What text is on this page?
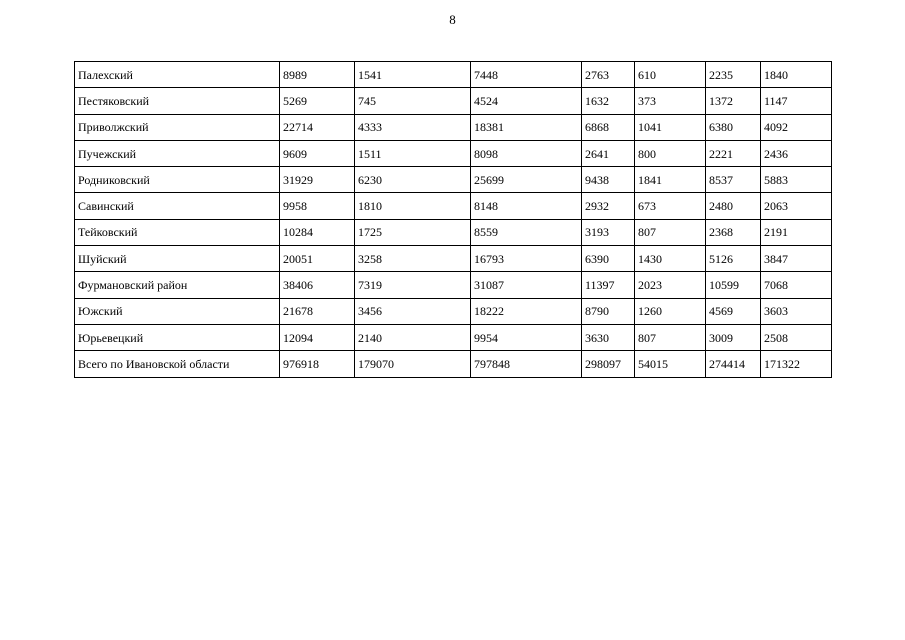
8
Палехский	8989	1541	7448	2763	610	2235	1840
Пестяковский	5269	745	4524	1632	373	1372	1147
Приволжский	22714	4333	18381	6868	1041	6380	4092
Пучежский	9609	1511	8098	2641	800	2221	2436
Родниковский	31929	6230	25699	9438	1841	8537	5883
Савинский	9958	1810	8148	2932	673	2480	2063
Тейковский	10284	1725	8559	3193	807	2368	2191
Шуйский	20051	3258	16793	6390	1430	5126	3847
Фурмановский район	38406	7319	31087	11397	2023	10599	7068
Южский	21678	3456	18222	8790	1260	4569	3603
Юрьевецкий	12094	2140	9954	3630	807	3009	2508
Всего по Ивановской области	976918	179070	797848	298097	54015	274414	171322
